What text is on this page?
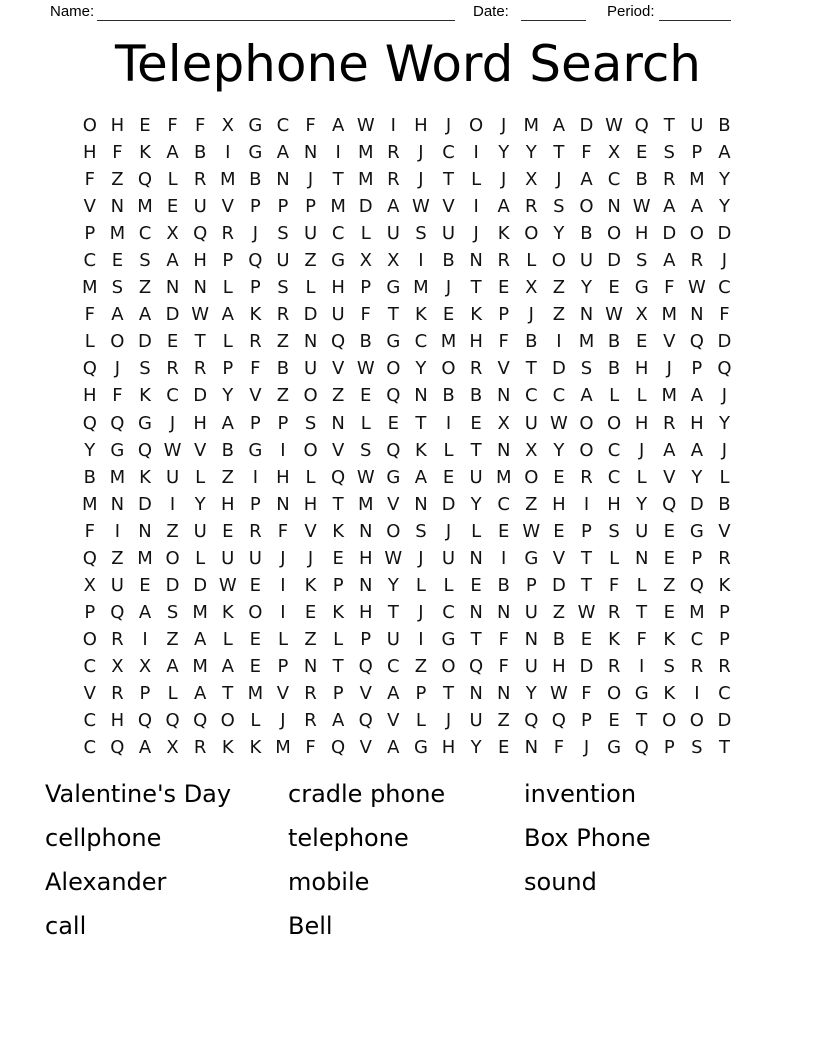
Name:	Date:	Period:
Telephone Word Search
O H E F F X G C F A W I	H	J O J M A D W Q T U B
H F K A B	I G A N	I M R	J	C	I	Y Y T F X E S P A
F Z Q L R M B N	J	T M R	J	T L	J	X	J	A C B R M Y
V N M E U V P P P M D A W V	I	A R S O N W A A Y
P M C X Q R	J	S U C L U S U	J	K O Y B O H D O D
C E S A H P Q U Z G X X	I	B N R L O U D S A R	J
M S Z N N L P S L H P G M J	T E X Z Y E G F W C
F A A D W A K R D U F T K E K P	J	Z N W X M N F
L O D E T L R Z N Q B G C M H F B	I M B E V Q D
Q J	S R R P F B U V W O Y O R V T D S B H	J	P Q
H F K C D Y V Z O Z E Q N B B N C C A L L M A	J
Q Q G J	H A P P S N L E T	I	E X U W O O H R H Y
Y G Q W V B G I O V S Q K L T N X Y O C	J	A A	J
B M K U L Z	I	H L Q W G A E U M O E R C L V Y L
M N D	I	Y H P N H T M V N D Y C Z H	I	H Y Q D B
F	I	N Z U E R F V K N O S	J	L E W E P S U E G V
Q Z M O L U U	J	J	E H W J	U N	I G V T L N E P R
X U E D D W E	I	K P N Y L L E B P D T F L Z Q K
P Q A S M K O I	E K H T	J	C N N U Z W R T E M P
O R	I	Z A L E L Z L P U	I G T F N B E K F K C P
C X X A M A E P N T Q C Z O Q F U H D R	I	S R R
V R P L A T M V R P V A P T N N Y W F O G K	I	C
C H Q Q Q O L	J	R A Q V L	J	U Z Q Q P E T O O D
C Q A X R K K M F Q V A G H Y E N F	J G Q P S T
Valentine's Day
cellphone
Alexander
call
cradle phone
telephone
mobile
Bell
invention
Box Phone
sound
